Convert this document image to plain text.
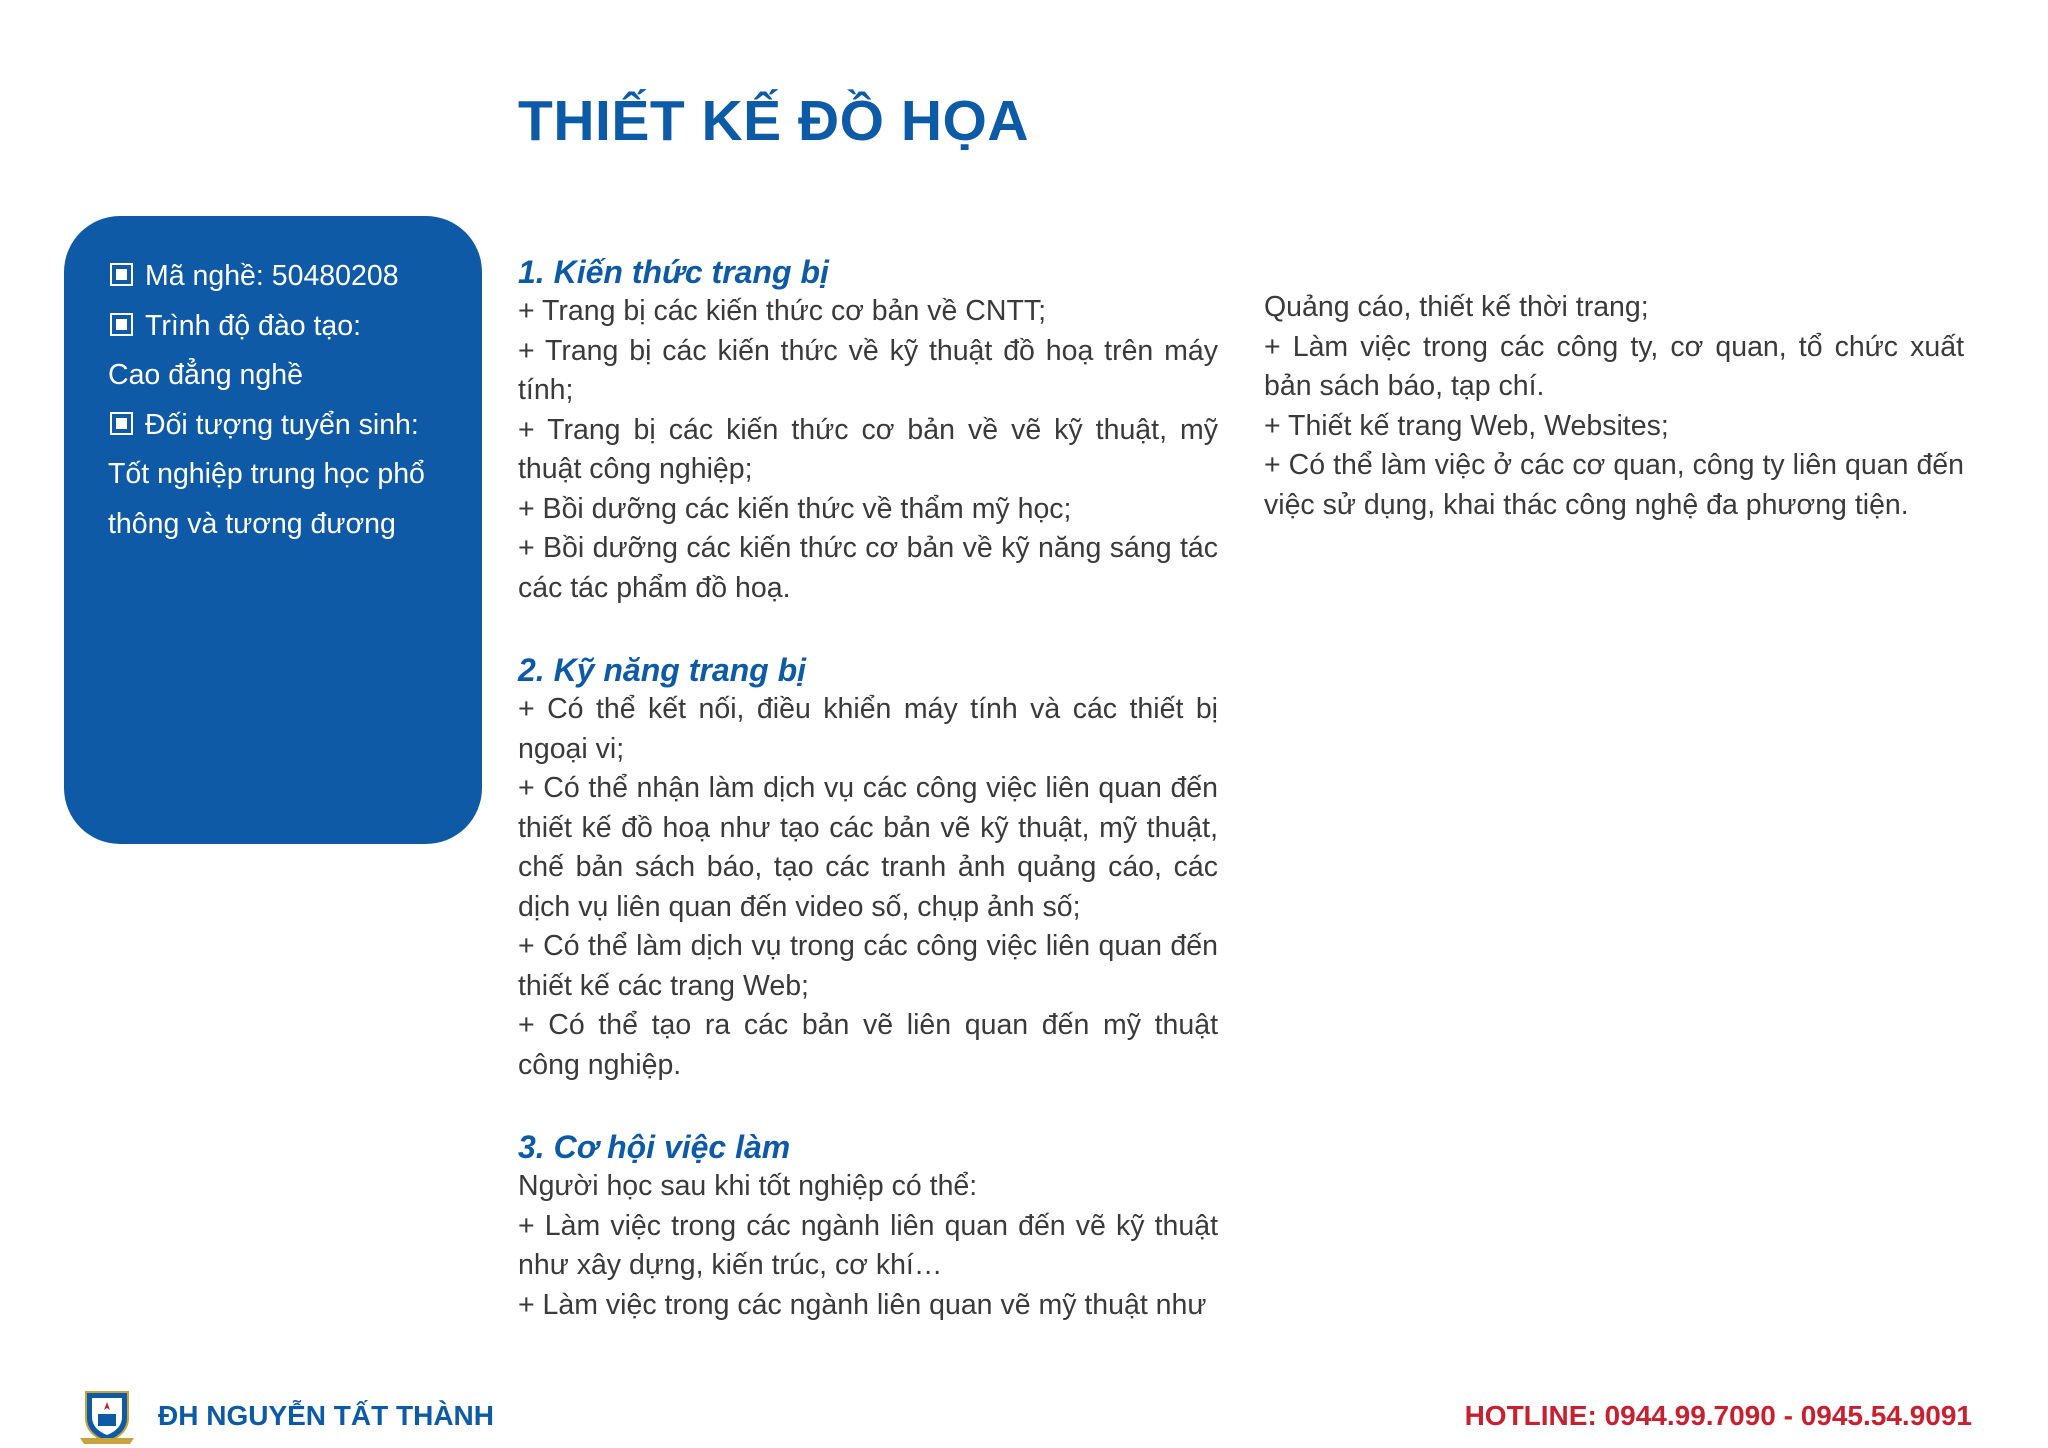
THIẾT KẾ ĐỒ HỌA
Mã nghề: 50480208
Trình độ đào tạo:
Cao đẳng nghề
Đối tượng tuyển sinh:
Tốt nghiệp trung học phổ
thông và tương đương
1. Kiến thức trang bị

+ Trang bị các kiến thức cơ bản về CNTT;

+ Trang bị các kiến thức về kỹ thuật đồ hoạ trên máy tính;

+ Trang bị các kiến thức cơ bản về vẽ kỹ thuật, mỹ thuật công nghiệp;

+ Bồi dưỡng các kiến thức về thẩm mỹ học;

+ Bồi dưỡng các kiến thức cơ bản về kỹ năng sáng tác các tác phẩm đồ hoạ.

2. Kỹ năng trang bị

+ Có thể kết nối, điều khiển máy tính và các thiết bị ngoại vi;

+ Có thể nhận làm dịch vụ các công việc liên quan đến thiết kế đồ hoạ như tạo các bản vẽ kỹ thuật, mỹ thuật, chế bản sách báo, tạo các tranh ảnh quảng cáo, các dịch vụ liên quan đến video số, chụp ảnh số;

+ Có thể làm dịch vụ trong các công việc liên quan đến thiết kế các trang Web;

+ Có thể tạo ra các bản vẽ liên quan đến mỹ thuật công nghiệp.

3. Cơ hội việc làm

Người học sau khi tốt nghiệp có thể:

+ Làm việc trong các ngành liên quan đến vẽ kỹ thuật như xây dựng, kiến trúc, cơ khí…

+ Làm việc trong các ngành liên quan vẽ mỹ thuật như

Quảng cáo, thiết kế thời trang;

+ Làm việc trong các công ty, cơ quan, tổ chức xuất bản sách báo, tạp chí.

+ Thiết kế trang Web, Websites;

+ Có thể làm việc ở các cơ quan, công ty liên quan đến việc sử dụng, khai thác công nghệ đa phương tiện.

ĐH NGUYỄN TẤT THÀNH	HOTLINE: 0944.99.7090 - 0945.54.9091
